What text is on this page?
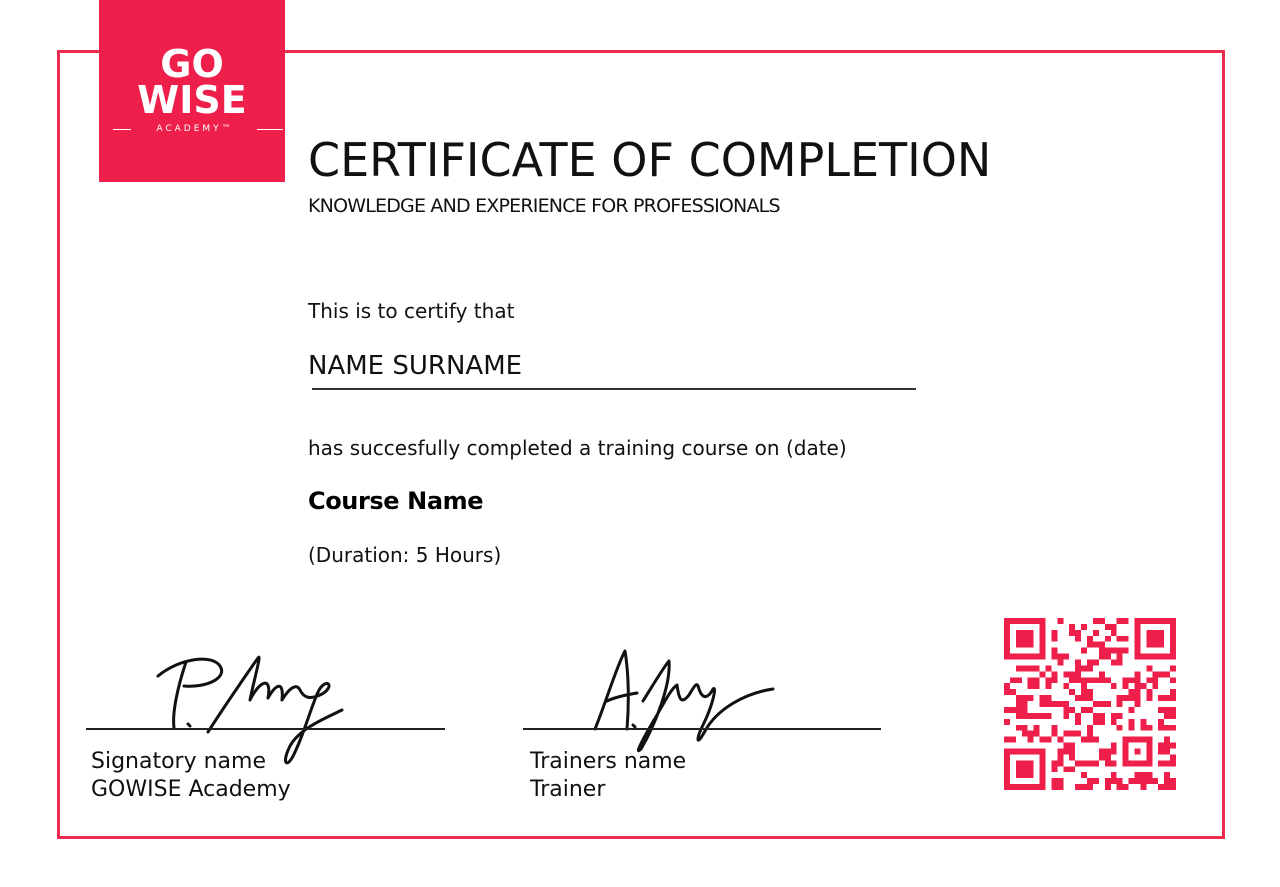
GO
WISE
ACADEMY™
CERTIFICATE OF COMPLETION
KNOWLEDGE AND EXPERIENCE FOR PROFESSIONALS
This is to certify that
NAME SURNAME
has succesfully completed a training course on (date)
Course Name
(Duration: 5 Hours)
Signatory name
GOWISE Academy
Trainers name
Trainer
